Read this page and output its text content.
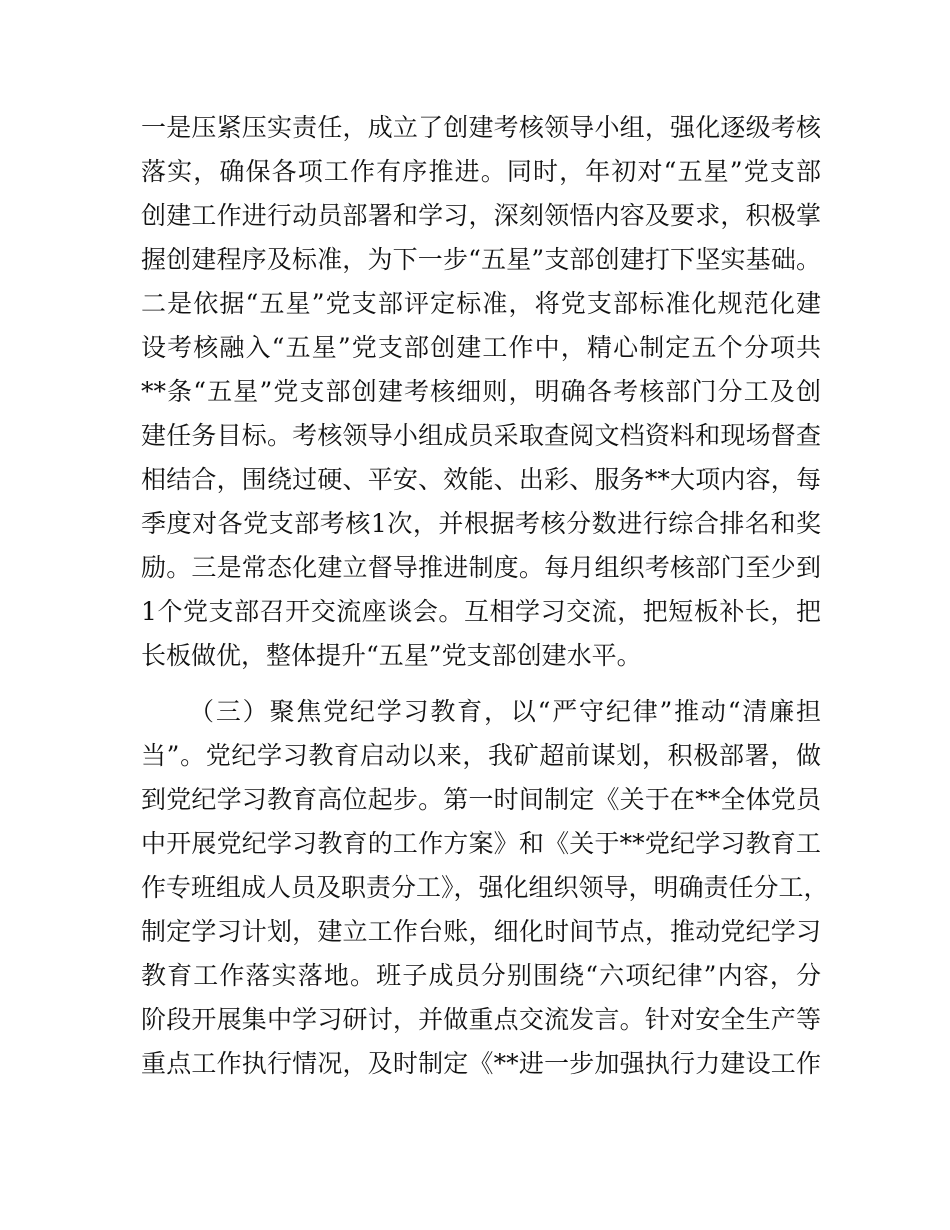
一是压紧压实责任，成立了创建考核领导小组，强化逐级考核
落实，确保各项工作有序推进。同时，年初对“五星”党支部
创建工作进行动员部署和学习，深刻领悟内容及要求，积极掌
握创建程序及标准，为下一步“五星”支部创建打下坚实基础。
二是依据“五星”党支部评定标准，将党支部标准化规范化建
设考核融入“五星”党支部创建工作中，精心制定五个分项共
**条“五星”党支部创建考核细则，明确各考核部门分工及创
建任务目标。考核领导小组成员采取查阅文档资料和现场督查
相结合，围绕过硬、平安、效能、出彩、服务**大项内容，每
季度对各党支部考核1次，并根据考核分数进行综合排名和奖
励。三是常态化建立督导推进制度。每月组织考核部门至少到
1个党支部召开交流座谈会。互相学习交流，把短板补长，把
长板做优，整体提升“五星”党支部创建水平。
（三）聚焦党纪学习教育，以“严守纪律”推动“清廉担
当”。党纪学习教育启动以来，我矿超前谋划，积极部署，做
到党纪学习教育高位起步。第一时间制定《关于在**全体党员
中开展党纪学习教育的工作方案》和《关于**党纪学习教育工
作专班组成人员及职责分工》，强化组织领导，明确责任分工，
制定学习计划，建立工作台账，细化时间节点，推动党纪学习
教育工作落实落地。班子成员分别围绕“六项纪律”内容，分
阶段开展集中学习研讨，并做重点交流发言。针对安全生产等
重点工作执行情况，及时制定《**进一步加强执行力建设工作
